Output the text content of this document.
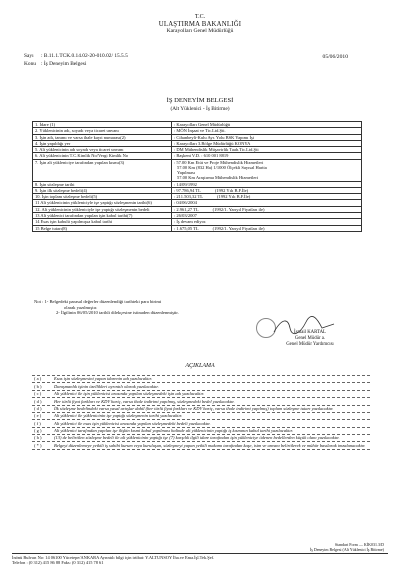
T.C.
ULAŞTIRMA BAKANLIĞI
Karayolları Genel Müdürlüğü
Sayı : B.11.1.TCK.0.14.02-20-010.02/ 15.5.5
Konu : İş Deneyim Belgesi
05/06/2010
İŞ DENEYİM BELGESİ
(Alt Yüklenici - İş Bitirme)
1. İdare (1)	: Karayolları Genel Müdürlüğü
2. Yüklenicinin adı, soyadı veya ticaret unvanı	: MÖN İnşaat ve Tic.Ltd.Şti.
3. İşin adı, tanımı ve varsa ihale kayıt numarası(2)	: Cihanbeyli-Kulu Ayr. Yolu BSK Yapımı İşi
4. İşin yapıldığı yer	: Karayolları 3.Bölge Müdürlüğü KONYA
5. Alt yüklenicinin adı soyadı veya ticaret unvanı	: DM Mühendislik Müşavirlik Taah.Tic.Ltd.Şti
6. Alt yüklenicinin T.C.Kimlik No/Vergi Kimlik No	: Başkent V.D. : 610 001 8819
7. İşin alt yükleniciye tarafından yapılan kısmı(3)	: 57.00 Km Etüt ve Proje Mühendislik Hizmetleri
57.00 Km (832 Ha) 1/1000 Ölçekli Sayısal Harita
Yapılması
57.00 Km Araştırma Mühendislik Hizmetleri

8. İşin sözleşme tarihi	: 14/09/1992
9. İşin ilk sözleşme bedeli(4)	: 97.786,94 TL (1992 Yılı B.F.İle)
10. İşin toplam sözleşme bedeli(5)	: 211.503,32 TL (1992 Yılı B.F.İle)
11 Alt yüklenicinin yükleniciyle işe yaptığı sözleşmenin tarihi(6)	: 04/06/2004
12. Alt yüklenicinin yükleniciyle işe yaptığı sözleşmenin bedeli	: 2.961,27 TL (1992/1. Yarıyıl Fiyatları ile)
13 Alt yüklenici tarafından yapılan işin kabul tarihi(7)	: 26/03/2007
14 Esas işin kabulü yapılmışsa kabul tarihi	: İş devam ediyor.
15 Belge tutarı(8)	: 1.675,05 TL (1992/1. Yarıyıl Fiyatları ile)
Not : 1- Belgedeki parasal değerler düzenlendiği tarihteki para birimi
olarak yazılmıştır.
2- İlgilinin 06/05/2010 tarihli dilekçesine istinaden düzenlenmiştir.
İsmail KARTAL
Genel Müdür a.
Genel Müdür Yardımcısı
AÇIKLAMA
( a )	Esas işin sözleşmesini yapan idarenin adı yazılacaktır.
( b )	Danışmanlık işinin özellikleri ayrıntılı olarak yazılacaktır.
( c )	Alt yüklenici ile işin yüklenicisi arasında yapılan sözleşmedeki işin adı yazılacaktır.
( d )	Her türlü fiyat farkları ve KDV hariç, varsa ihale indirimi yapılmış, sözleşmedeki bedel yazılacaktır.
( d )	İlk sözleşme bedelindeki varsa yasal artışlar dahil (her türlü fiyat farkları ve KDV hariç, varsa ihale indirimi yapılmış) toplam sözleşme tutarı yazılacaktır.
( e )	Alt yüklenici ile yüklenicinin işe yaptığı sözleşmenin tarihi yazılacaktır.
( f )	Alt yüklenici ile esas işin yüklenicisi arasında yapılan sözleşmedeki bedeli yazılacaktır.
( g )	Alt yüklenici tarafından yapılan işe ilişkin kısmi kabul yapılması halinde alt yüklenicinin yaptığı iş kısmının kabul tarihi yazılacaktır.
( h )	(13) de belirtilen sözleşme bedeli ile alt yüklenicinin yaptığı işe (7) karşılık ilgili idare tarafından işin yükleniciye ödenen bedellerden küçük olanı yazılacaktır.
( * )	Belgeyi düzenlemeye yetkili iş sahibi kurum veya kuruluşun, sözleşmeyi yapan yetkili makamı tarafından kaşe, isim ve unvanı belirtilerek ve mühür basılarak imzalanacaktır.
Standart Form — KİK031.3/D
İş Deneyim Belgesi (Alt Yüklenici İş Bitirme)
İnönü Bulvarı No: 14 06100 Yücetepe/ANKARA Ayrıntılı bilgi için irtibat: Y.ALTUNSOY İha.ve Ema.İşl.Tek.Şef.
Telefon : (0 312) 415 86 88 Faks: (0 312) 415 78 61
